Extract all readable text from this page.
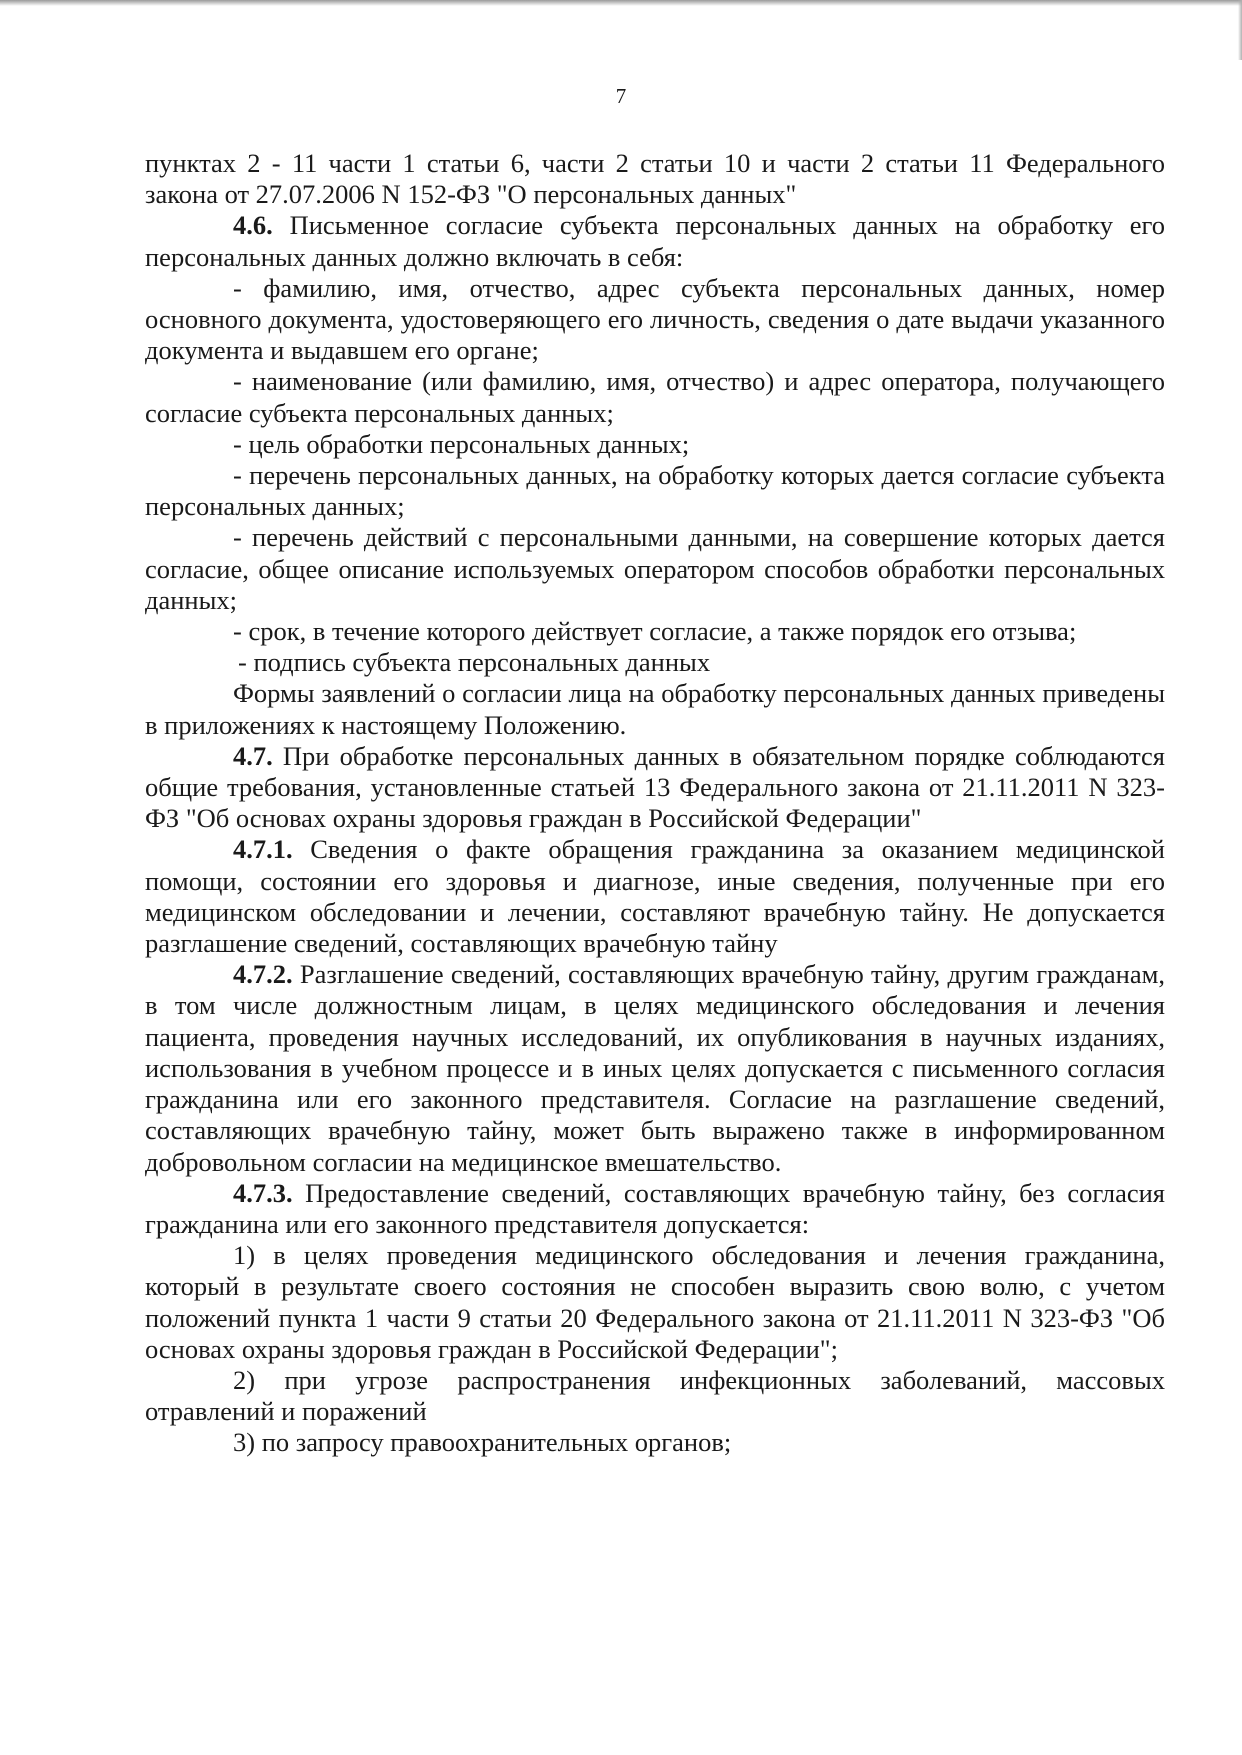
7

пунктах 2 - 11 части 1 статьи 6, части 2 статьи 10 и части 2 статьи 11 Федерального закона от 27.07.2006 N 152-ФЗ "О персональных данных"

4.6. Письменное согласие субъекта персональных данных на обработку его персональных данных должно включать в себя:

- фамилию, имя, отчество, адрес субъекта персональных данных, номер основного документа, удостоверяющего его личность, сведения о дате выдачи указанного документа и выдавшем его органе;

- наименование (или фамилию, имя, отчество) и адрес оператора, получающего согласие субъекта персональных данных;

- цель обработки персональных данных;

- перечень персональных данных, на обработку которых дается согласие субъекта персональных данных;

- перечень действий с персональными данными, на совершение которых дается согласие, общее описание используемых оператором способов обработки персональных данных;

- срок, в течение которого действует согласие, а также порядок его отзыва;

- подпись субъекта персональных данных

Формы заявлений о согласии лица на обработку персональных данных приведены в приложениях к настоящему Положению.

4.7. При обработке персональных данных в обязательном порядке соблюдаются общие требования, установленные статьей 13 Федерального закона от 21.11.2011 N 323-ФЗ "Об основах охраны здоровья граждан в Российской Федерации"

4.7.1. Сведения о факте обращения гражданина за оказанием медицинской помощи, состоянии его здоровья и диагнозе, иные сведения, полученные при его медицинском обследовании и лечении, составляют врачебную тайну. Не допускается разглашение сведений, составляющих врачебную тайну

4.7.2. Разглашение сведений, составляющих врачебную тайну, другим гражданам, в том числе должностным лицам, в целях медицинского обследования и лечения пациента, проведения научных исследований, их опубликования в научных изданиях, использования в учебном процессе и в иных целях допускается с письменного согласия гражданина или его законного представителя. Согласие на разглашение сведений, составляющих врачебную тайну, может быть выражено также в информированном добровольном согласии на медицинское вмешательство.

4.7.3. Предоставление сведений, составляющих врачебную тайну, без согласия гражданина или его законного представителя допускается:

1) в целях проведения медицинского обследования и лечения гражданина, который в результате своего состояния не способен выразить свою волю, с учетом положений пункта 1 части 9 статьи 20 Федерального закона от 21.11.2011 N 323-ФЗ "Об основах охраны здоровья граждан в Российской Федерации";

2) при угрозе распространения инфекционных заболеваний, массовых отравлений и поражений

3) по запросу правоохранительных органов;
